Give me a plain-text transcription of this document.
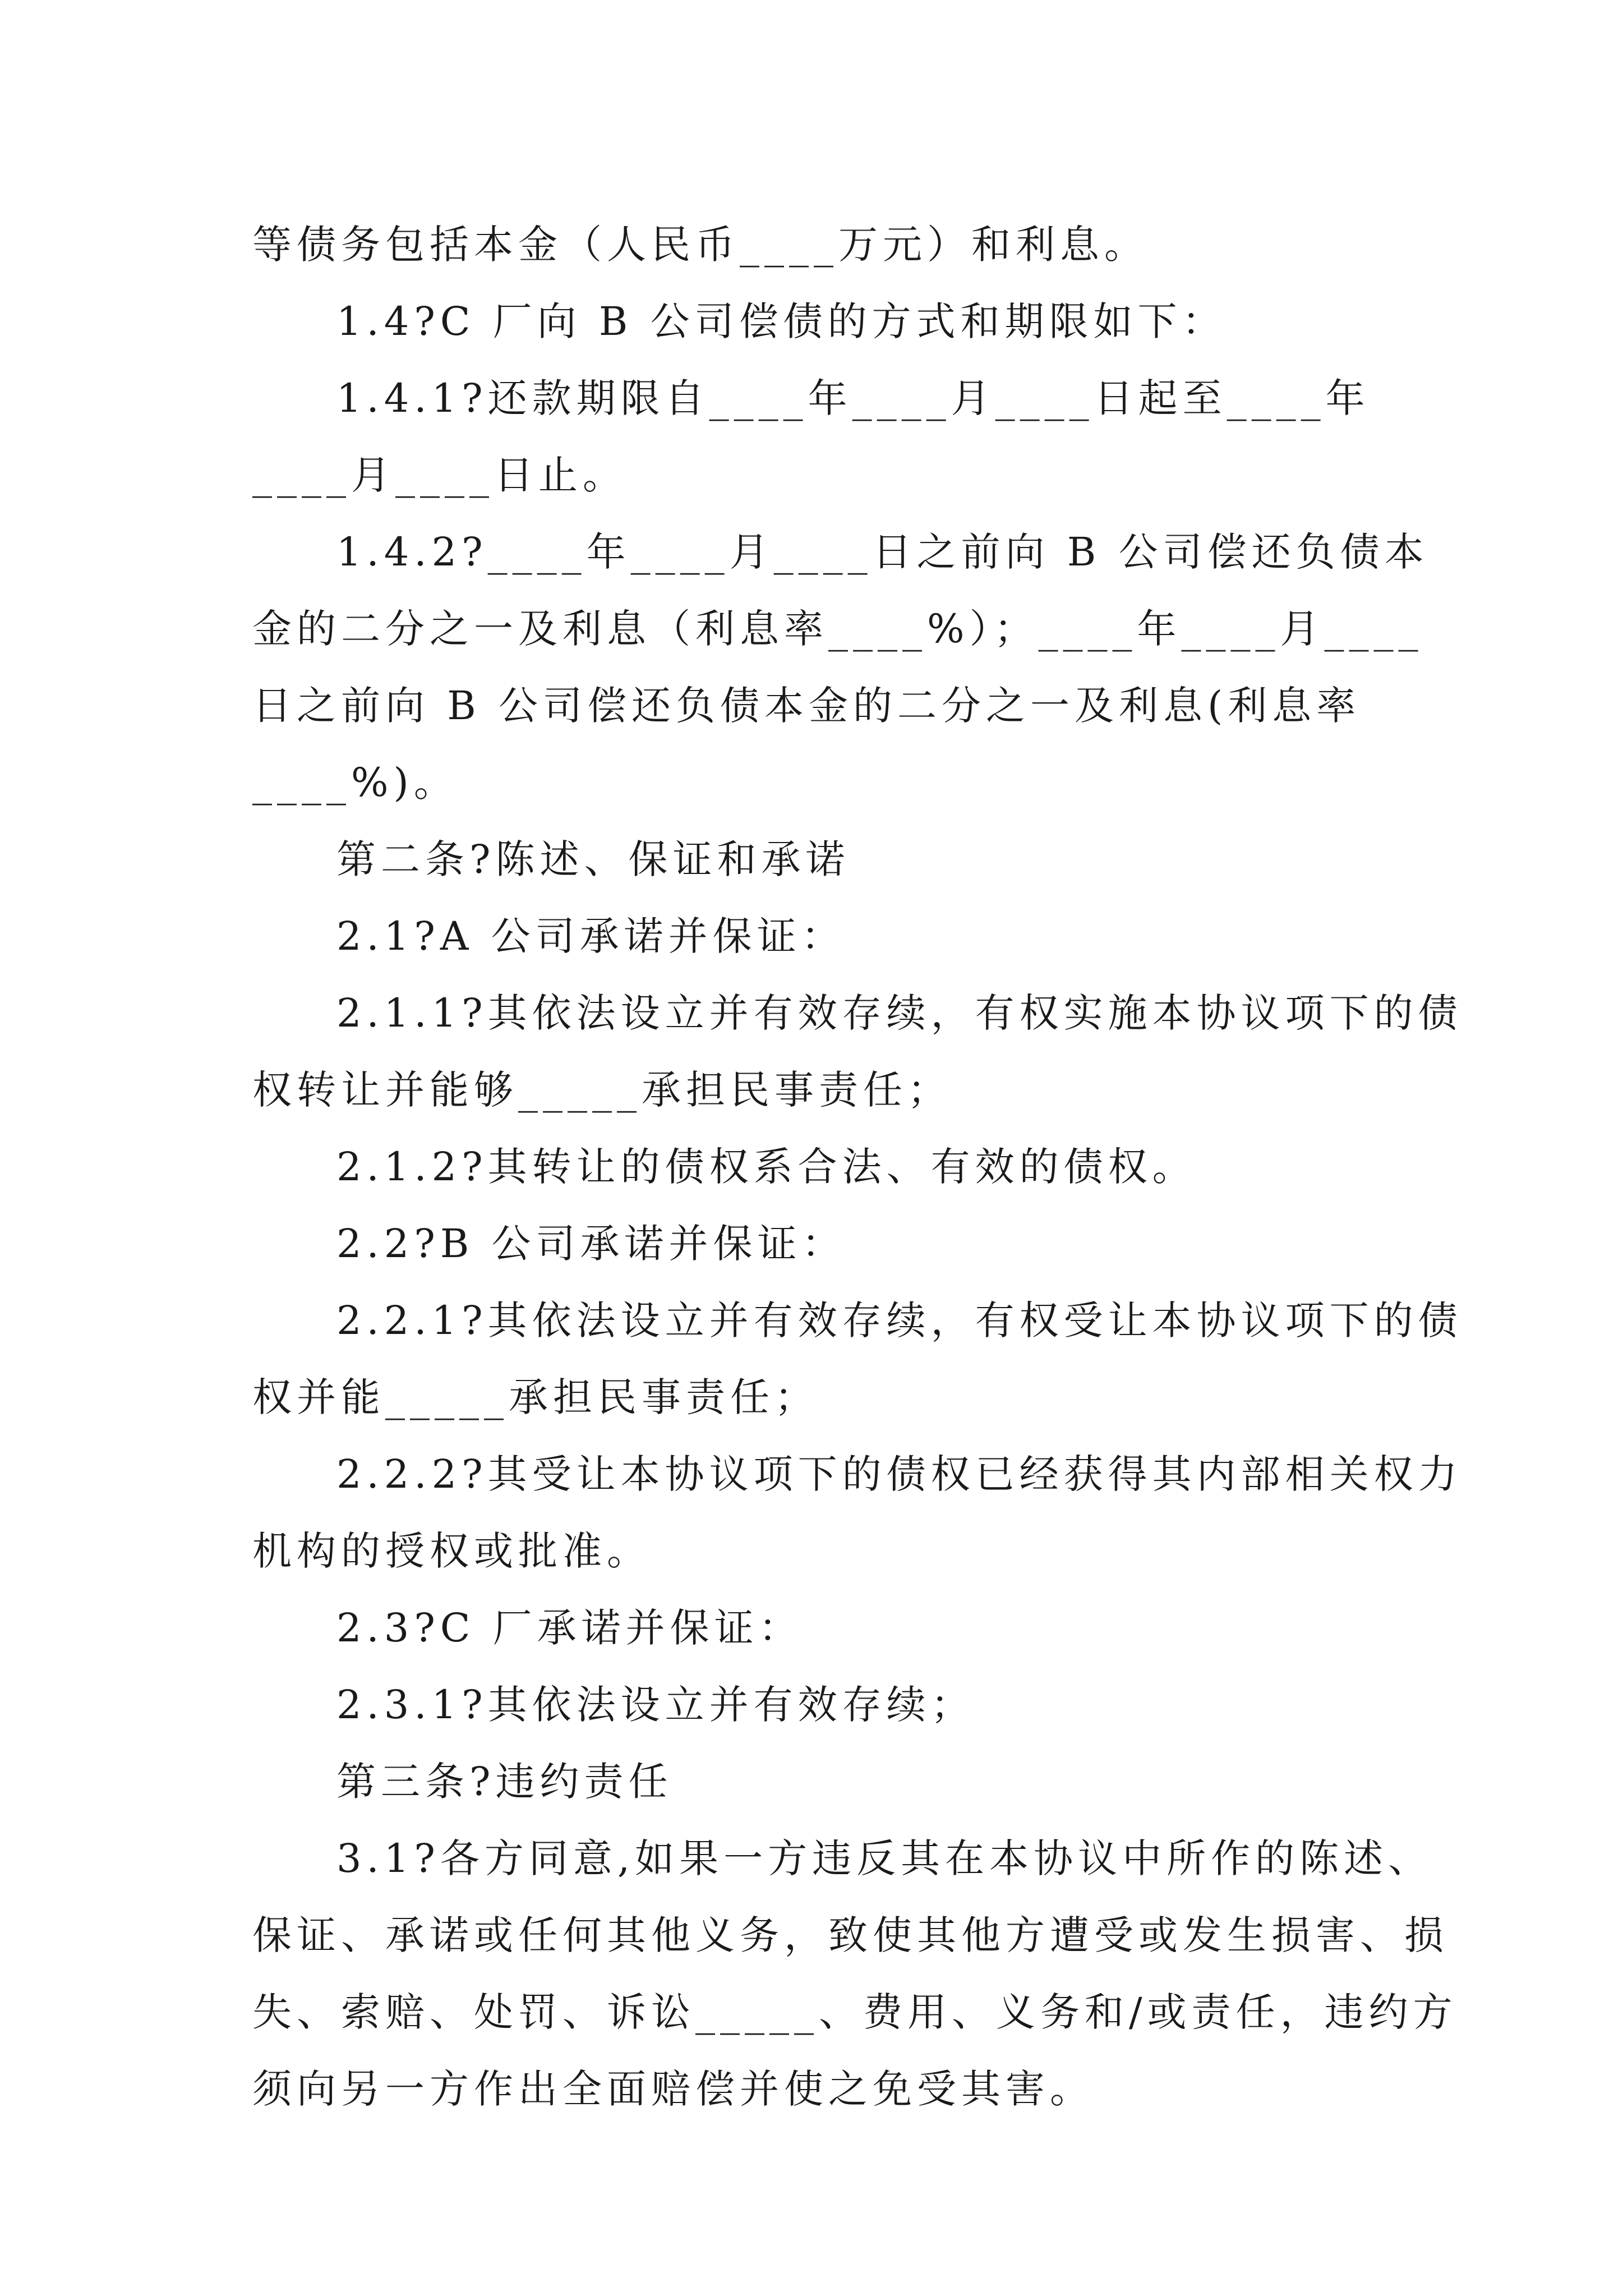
等债务包括本金（人民币____万元）和利息。

1.4?C 厂向 B 公司偿债的方式和期限如下：

1.4.1?还款期限自____年____月____日起至____年____月____日止。

1.4.2?____年____月____日之前向 B 公司偿还负债本金的二分之一及利息（利息率____%）；____年____月____日之前向 B 公司偿还负债本金的二分之一及利息(利息率____%)。

第二条?陈述、保证和承诺

2.1?A 公司承诺并保证：

2.1.1?其依法设立并有效存续，有权实施本协议项下的债权转让并能够_____承担民事责任；

2.1.2?其转让的债权系合法、有效的债权。

2.2?B 公司承诺并保证：

2.2.1?其依法设立并有效存续，有权受让本协议项下的债权并能_____承担民事责任；

2.2.2?其受让本协议项下的债权已经获得其内部相关权力机构的授权或批准。

2.3?C 厂承诺并保证：

2.3.1?其依法设立并有效存续；

第三条?违约责任

3.1?各方同意,如果一方违反其在本协议中所作的陈述、保证、承诺或任何其他义务，致使其他方遭受或发生损害、损失、索赔、处罚、诉讼_____、费用、义务和/或责任，违约方须向另一方作出全面赔偿并使之免受其害。
